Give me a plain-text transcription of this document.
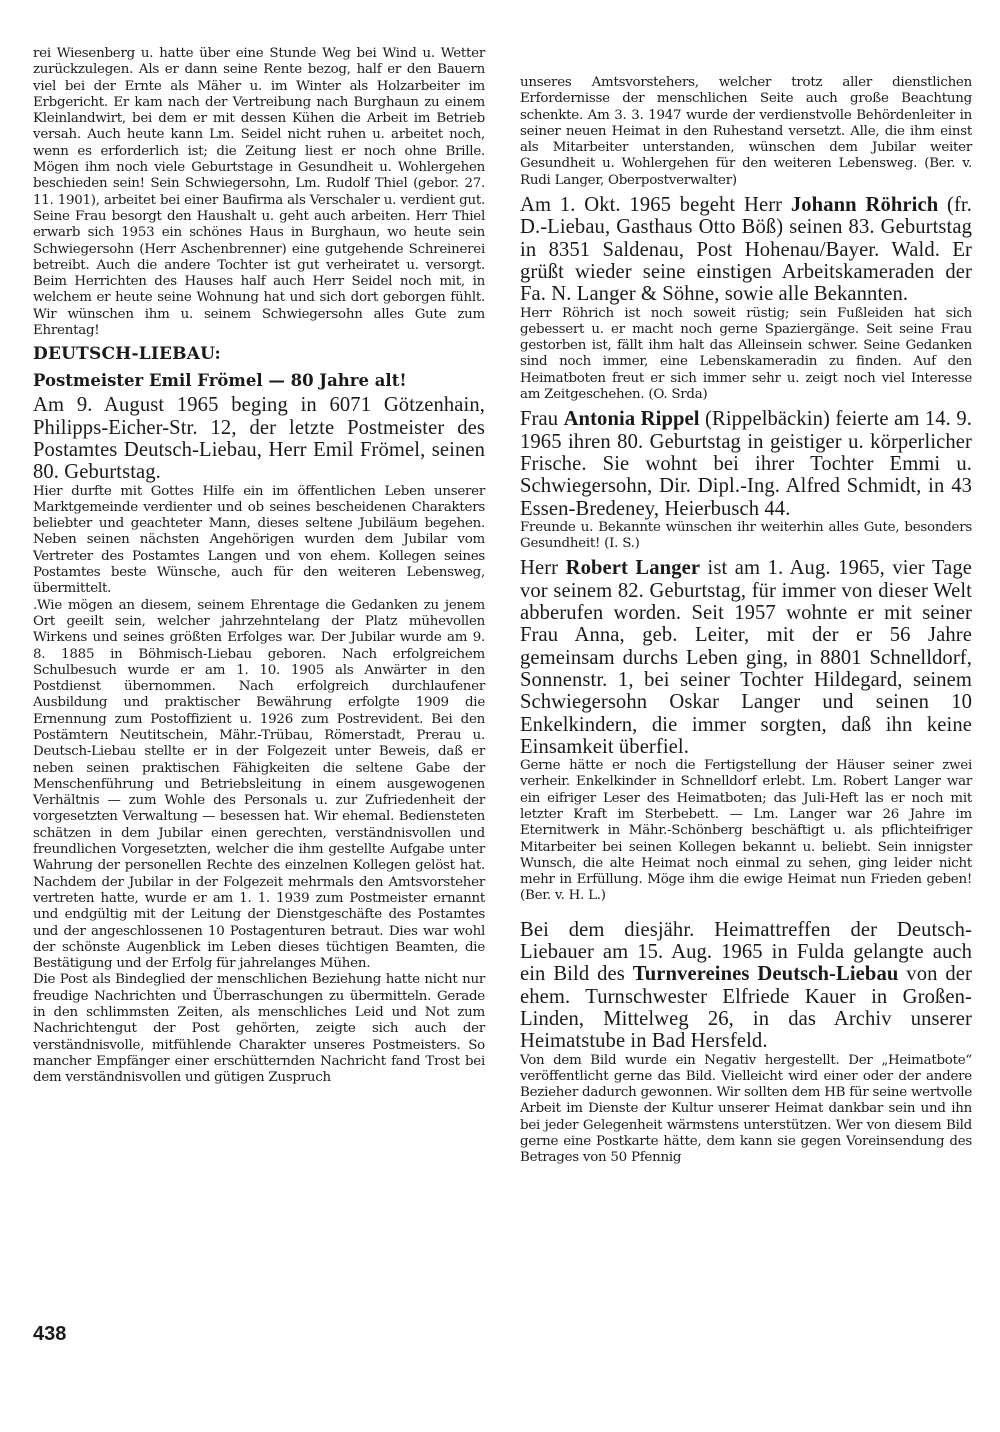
rei Wiesenberg u. hatte über eine Stunde Weg bei Wind u. Wetter zurückzulegen. Als er dann seine Rente bezog, half er den Bauern viel bei der Ernte als Mäher u. im Winter als Holzarbeiter im Erbgericht. Er kam nach der Vertreibung nach Burghaun zu einem Kleinlandwirt, bei dem er mit dessen Kühen die Arbeit im Betrieb versah. Auch heute kann Lm. Seidel nicht ruhen u. arbeitet noch, wenn es erforderlich ist; die Zeitung liest er noch ohne Brille. Mögen ihm noch viele Geburtstage in Gesundheit u. Wohlergehen beschieden sein! Sein Schwiegersohn, Lm. Rudolf Thiel (gebor. 27. 11. 1901), arbeitet bei einer Baufirma als Verschaler u. verdient gut. Seine Frau besorgt den Haushalt u. geht auch arbeiten. Herr Thiel erwarb sich 1953 ein schönes Haus in Burghaun, wo heute sein Schwiegersohn (Herr Aschenbrenner) eine gutgehende Schreinerei betreibt. Auch die andere Tochter ist gut verheiratet u. versorgt. Beim Herrichten des Hauses half auch Herr Seidel noch mit, in welchem er heute seine Wohnung hat und sich dort geborgen fühlt. Wir wünschen ihm u. seinem Schwiegersohn alles Gute zum Ehrentag!

DEUTSCH-LIEBAU:
Postmeister Emil Frömel — 80 Jahre alt!

Am 9. August 1965 beging in 6071 Götzenhain, Philipps-Eicher-Str. 12, der letzte Postmeister des Postamtes Deutsch-Liebau, Herr Emil Frömel, seinen 80. Geburtstag.

Hier durfte mit Gottes Hilfe ein im öffentlichen Leben unserer Marktgemeinde verdienter und ob seines bescheidenen Charakters beliebter und geachteter Mann, dieses seltene Jubiläum begehen. Neben seinen nächsten Angehörigen wurden dem Jubilar vom Vertreter des Postamtes Langen und von ehem. Kollegen seines Postamtes beste Wünsche, auch für den weiteren Lebensweg, übermittelt.

.Wie mögen an diesem, seinem Ehrentage die Gedanken zu jenem Ort geeilt sein, welcher jahrzehntelang der Platz mühevollen Wirkens und seines größten Erfolges war. Der Jubilar wurde am 9. 8. 1885 in Böhmisch-Liebau geboren. Nach erfolgreichem Schulbesuch wurde er am 1. 10. 1905 als Anwärter in den Postdienst übernommen. Nach erfolgreich durchlaufener Ausbildung und praktischer Bewährung erfolgte 1909 die Ernennung zum Postoffizient u. 1926 zum Postrevident. Bei den Postämtern Neutitschein, Mähr.-Trübau, Römerstadt, Prerau u. Deutsch-Liebau stellte er in der Folgezeit unter Beweis, daß er neben seinen praktischen Fähigkeiten die seltene Gabe der Menschenführung und Betriebsleitung in einem ausgewogenen Verhältnis — zum Wohle des Personals u. zur Zufriedenheit der vorgesetzten Verwaltung — besessen hat. Wir ehemal. Bediensteten schätzen in dem Jubilar einen gerechten, verständnisvollen und freundlichen Vorgesetzten, welcher die ihm gestellte Aufgabe unter Wahrung der personellen Rechte des einzelnen Kollegen gelöst hat. Nachdem der Jubilar in der Folgezeit mehrmals den Amtsvorsteher vertreten hatte, wurde er am 1. 1. 1939 zum Postmeister ernannt und endgültig mit der Leitung der Dienstgeschäfte des Postamtes und der angeschlossenen 10 Postagenturen betraut. Dies war wohl der schönste Augenblick im Leben dieses tüchtigen Beamten, die Bestätigung und der Erfolg für jahrelanges Mühen.

Die Post als Bindeglied der menschlichen Beziehung hatte nicht nur freudige Nachrichten und Überraschungen zu übermitteln. Gerade in den schlimmsten Zeiten, als menschliches Leid und Not zum Nachrichtengut der Post gehörten, zeigte sich auch der verständnisvolle, mitfühlende Charakter unseres Postmeisters. So mancher Empfänger einer erschütternden Nachricht fand Trost bei dem verständnisvollen und gütigen Zuspruch

unseres Amtsvorstehers, welcher trotz aller dienstlichen Erfordernisse der menschlichen Seite auch große Beachtung schenkte. Am 3. 3. 1947 wurde der verdienstvolle Behördenleiter in seiner neuen Heimat in den Ruhestand versetzt. Alle, die ihm einst als Mitarbeiter unterstanden, wünschen dem Jubilar weiter Gesundheit u. Wohlergehen für den weiteren Lebensweg. (Ber. v. Rudi Langer, Oberpostverwalter)

Am 1. Okt. 1965 begeht Herr Johann Röhrich (fr. D.-Liebau, Gasthaus Otto Böß) seinen 83. Geburtstag in 8351 Saldenau, Post Hohenau/Bayer. Wald. Er grüßt wieder seine einstigen Arbeitskameraden der Fa. N. Langer & Söhne, sowie alle Bekannten.

Herr Röhrich ist noch soweit rüstig; sein Fußleiden hat sich gebessert u. er macht noch gerne Spaziergänge. Seit seine Frau gestorben ist, fällt ihm halt das Alleinsein schwer. Seine Gedanken sind noch immer, eine Lebenskameradin zu finden. Auf den Heimatboten freut er sich immer sehr u. zeigt noch viel Interesse am Zeitgeschehen. (O. Srda)

Frau Antonia Rippel (Rippelbäckin) feierte am 14. 9. 1965 ihren 80. Geburtstag in geistiger u. körperlicher Frische. Sie wohnt bei ihrer Tochter Emmi u. Schwiegersohn, Dir. Dipl.-Ing. Alfred Schmidt, in 43 Essen-Bredeney, Heierbusch 44.

Freunde u. Bekannte wünschen ihr weiterhin alles Gute, besonders Gesundheit! (I. S.)

Herr Robert Langer ist am 1. Aug. 1965, vier Tage vor seinem 82. Geburtstag, für immer von dieser Welt abberufen worden. Seit 1957 wohnte er mit seiner Frau Anna, geb. Leiter, mit der er 56 Jahre gemeinsam durchs Leben ging, in 8801 Schnelldorf, Sonnenstr. 1, bei seiner Tochter Hildegard, seinem Schwiegersohn Oskar Langer und seinen 10 Enkelkindern, die immer sorgten, daß ihn keine Einsamkeit überfiel.

Gerne hätte er noch die Fertigstellung der Häuser seiner zwei verheir. Enkelkinder in Schnelldorf erlebt. Lm. Robert Langer war ein eifriger Leser des Heimatboten; das Juli-Heft las er noch mit letzter Kraft im Sterbebett. — Lm. Langer war 26 Jahre im Eternitwerk in Mähr.-Schönberg beschäftigt u. als pflichteifriger Mitarbeiter bei seinen Kollegen bekannt u. beliebt. Sein innigster Wunsch, die alte Heimat noch einmal zu sehen, ging leider nicht mehr in Erfüllung. Möge ihm die ewige Heimat nun Frieden geben! (Ber. v. H. L.)

Bei dem diesjähr. Heimattreffen der Deutsch-Liebauer am 15. Aug. 1965 in Fulda gelangte auch ein Bild des Turnvereines Deutsch-Liebau von der ehem. Turnschwester Elfriede Kauer in Großen-Linden, Mittelweg 26, in das Archiv unserer Heimatstube in Bad Hersfeld.

Von dem Bild wurde ein Negativ hergestellt. Der „Heimatbote“ veröffentlicht gerne das Bild. Vielleicht wird einer oder der andere Bezieher dadurch gewonnen. Wir sollten dem HB für seine wertvolle Arbeit im Dienste der Kultur unserer Heimat dankbar sein und ihn bei jeder Gelegenheit wärmstens unterstützen. Wer von diesem Bild gerne eine Postkarte hätte, dem kann sie gegen Voreinsendung des Betrages von 50 Pfennig

438
